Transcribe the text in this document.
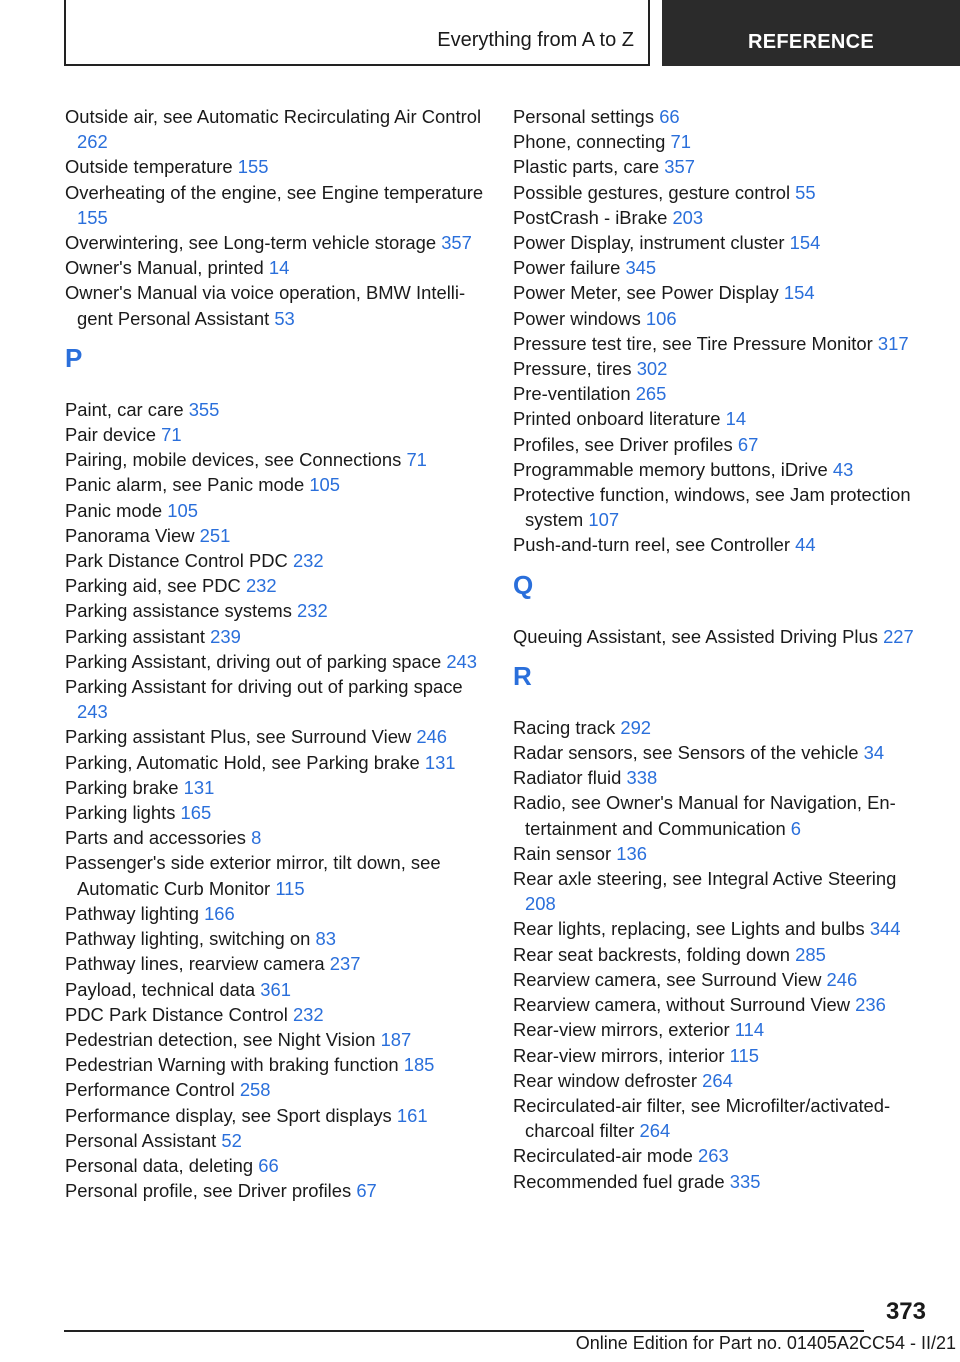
Everything from A to Z	REFERENCE
Outside air, see Automatic Recirculating Air Control 262
Outside temperature 155
Overheating of the engine, see Engine temperature 155
Overwintering, see Long-term vehicle storage 357
Owner's Manual, printed 14
Owner's Manual via voice operation, BMW Intelligent Personal Assistant 53
P
Paint, car care 355
Pair device 71
Pairing, mobile devices, see Connections 71
Panic alarm, see Panic mode 105
Panic mode 105
Panorama View 251
Park Distance Control PDC 232
Parking aid, see PDC 232
Parking assistance systems 232
Parking assistant 239
Parking Assistant, driving out of parking space 243
Parking Assistant for driving out of parking space 243
Parking assistant Plus, see Surround View 246
Parking, Automatic Hold, see Parking brake 131
Parking brake 131
Parking lights 165
Parts and accessories 8
Passenger's side exterior mirror, tilt down, see Automatic Curb Monitor 115
Pathway lighting 166
Pathway lighting, switching on 83
Pathway lines, rearview camera 237
Payload, technical data 361
PDC Park Distance Control 232
Pedestrian detection, see Night Vision 187
Pedestrian Warning with braking function 185
Performance Control 258
Performance display, see Sport displays 161
Personal Assistant 52
Personal data, deleting 66
Personal profile, see Driver profiles 67
Personal settings 66
Phone, connecting 71
Plastic parts, care 357
Possible gestures, gesture control 55
PostCrash - iBrake 203
Power Display, instrument cluster 154
Power failure 345
Power Meter, see Power Display 154
Power windows 106
Pressure test tire, see Tire Pressure Monitor 317
Pressure, tires 302
Pre-ventilation 265
Printed onboard literature 14
Profiles, see Driver profiles 67
Programmable memory buttons, iDrive 43
Protective function, windows, see Jam protection system 107
Push-and-turn reel, see Controller 44
Q
Queuing Assistant, see Assisted Driving Plus 227
R
Racing track 292
Radar sensors, see Sensors of the vehicle 34
Radiator fluid 338
Radio, see Owner's Manual for Navigation, Entertainment and Communication 6
Rain sensor 136
Rear axle steering, see Integral Active Steering 208
Rear lights, replacing, see Lights and bulbs 344
Rear seat backrests, folding down 285
Rearview camera, see Surround View 246
Rearview camera, without Surround View 236
Rear-view mirrors, exterior 114
Rear-view mirrors, interior 115
Rear window defroster 264
Recirculated-air filter, see Microfilter/activated-charcoal filter 264
Recirculated-air mode 263
Recommended fuel grade 335
373
Online Edition for Part no. 01405A2CC54 - II/21
